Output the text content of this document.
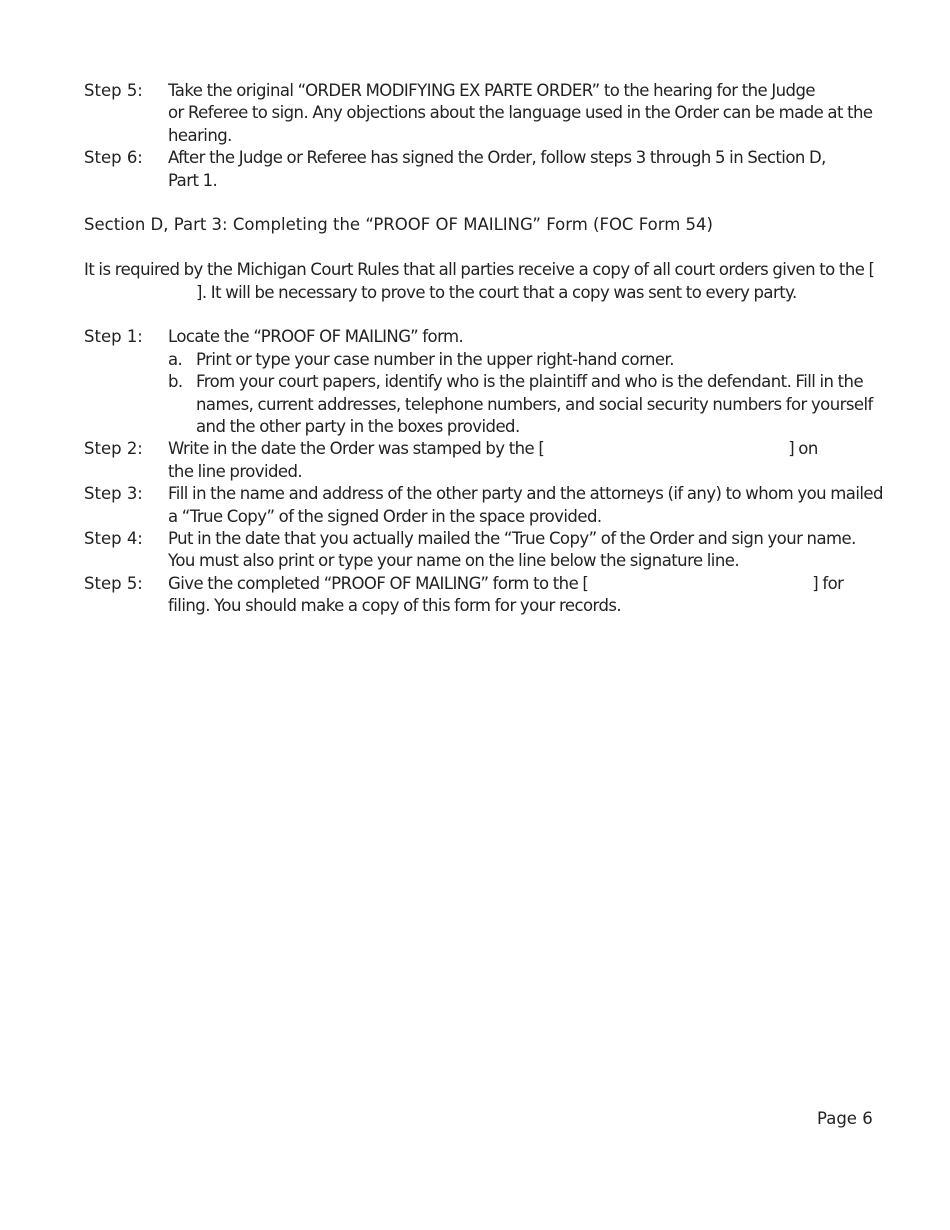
Step 5:	Take the original “ORDER MODIFYING EX PARTE ORDER” to the hearing for the Judge
or Referee to sign. Any objections about the language used in the Order can be made at the
hearing.
Step 6:	After the Judge or Referee has signed the Order, follow steps 3 through 5 in Section D,
Part 1.
Section D, Part 3: Completing the “PROOF OF MAILING” Form (FOC Form 54)
It is required by the Michigan Court Rules that all parties receive a copy of all court orders given to the [
]. It will be necessary to prove to the court that a copy was sent to every party.
Step 1:	Locate the “PROOF OF MAILING” form.
a. Print or type your case number in the upper right-hand corner.
b. From your court papers, identify who is the plaintiff and who is the defendant. Fill in the
names, current addresses, telephone numbers, and social security numbers for yourself
and the other party in the boxes provided.
Step 2:	Write in the date the Order was stamped by the [	] on
the line provided.
Step 3:	Fill in the name and address of the other party and the attorneys (if any) to whom you mailed
a “True Copy” of the signed Order in the space provided.
Step 4:	Put in the date that you actually mailed the “True Copy” of the Order and sign your name.
You must also print or type your name on the line below the signature line.
Step 5:	Give the completed “PROOF OF MAILING” form to the [	] for
filing. You should make a copy of this form for your records.
Page 6
